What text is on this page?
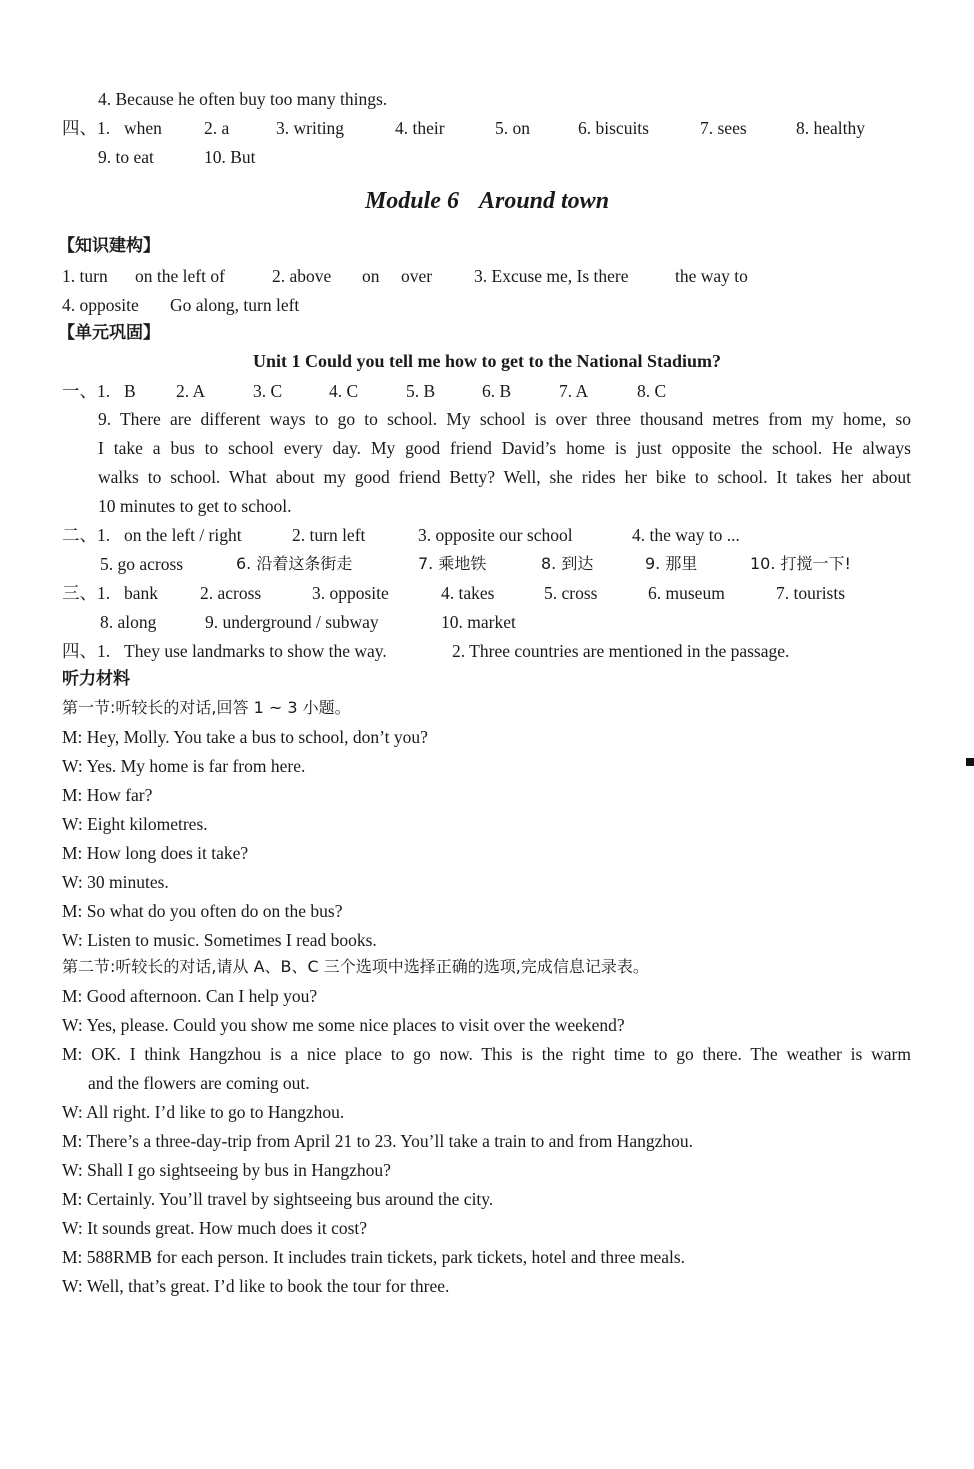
4. Because he often buy too many things.
四、1. when 2. a	3. writing	4. their	5. on	6. biscuits	7. sees	8. healthy
9. to eat	10. But
Module 6 Around town
【知识建构】
1. turn on the left of	2. above on over 3. Excuse me, Is there	the way to
4. opposite Go along, turn left
【单元巩固】
Unit 1 Could you tell me how to get to the National Stadium?
一、1. B 2. A	3. C	4. C	5. B	6. B	7. A	8. C
9. There are different ways to go to school. My school is over three thousand metres from my home, so
I take a bus to school every day. My good friend David’s home is just opposite the school. He always
walks to school. What about my good friend Betty? Well, she rides her bike to school. It takes her about
10 minutes to get to school.
二、1. on the left / right	2. turn left	3. opposite our school	4. the way to ...
5. go across	6. 沿着这条街走	7. 乘地铁	8. 到达	9. 那里	10. 打搅一下!
三、1. bank 2. across	3. opposite	4. takes	5. cross	6. museum	7. tourists
8. along	9. underground / subway	10. market
四、1. They use landmarks to show the way.	2. Three countries are mentioned in the passage.
听力材料
第一节:听较长的对话,回答 1 ~ 3 小题。
M: Hey, Molly. You take a bus to school, don’t you?
W: Yes. My home is far from here.
M: How far?
W: Eight kilometres.
M: How long does it take?
W: 30 minutes.
M: So what do you often do on the bus?
W: Listen to music. Sometimes I read books.
第二节:听较长的对话,请从 A、B、C 三个选项中选择正确的选项,完成信息记录表。
M: Good afternoon. Can I help you?
W: Yes, please. Could you show me some nice places to visit over the weekend?
M: OK. I think Hangzhou is a nice place to go now. This is the right time to go there. The weather is warm
and the flowers are coming out.
W: All right. I’d like to go to Hangzhou.
M: There’s a three-day-trip from April 21 to 23. You’ll take a train to and from Hangzhou.
W: Shall I go sightseeing by bus in Hangzhou?
M: Certainly. You’ll travel by sightseeing bus around the city.
W: It sounds great. How much does it cost?
M: 588RMB for each person. It includes train tickets, park tickets, hotel and three meals.
W: Well, that’s great. I’d like to book the tour for three.
